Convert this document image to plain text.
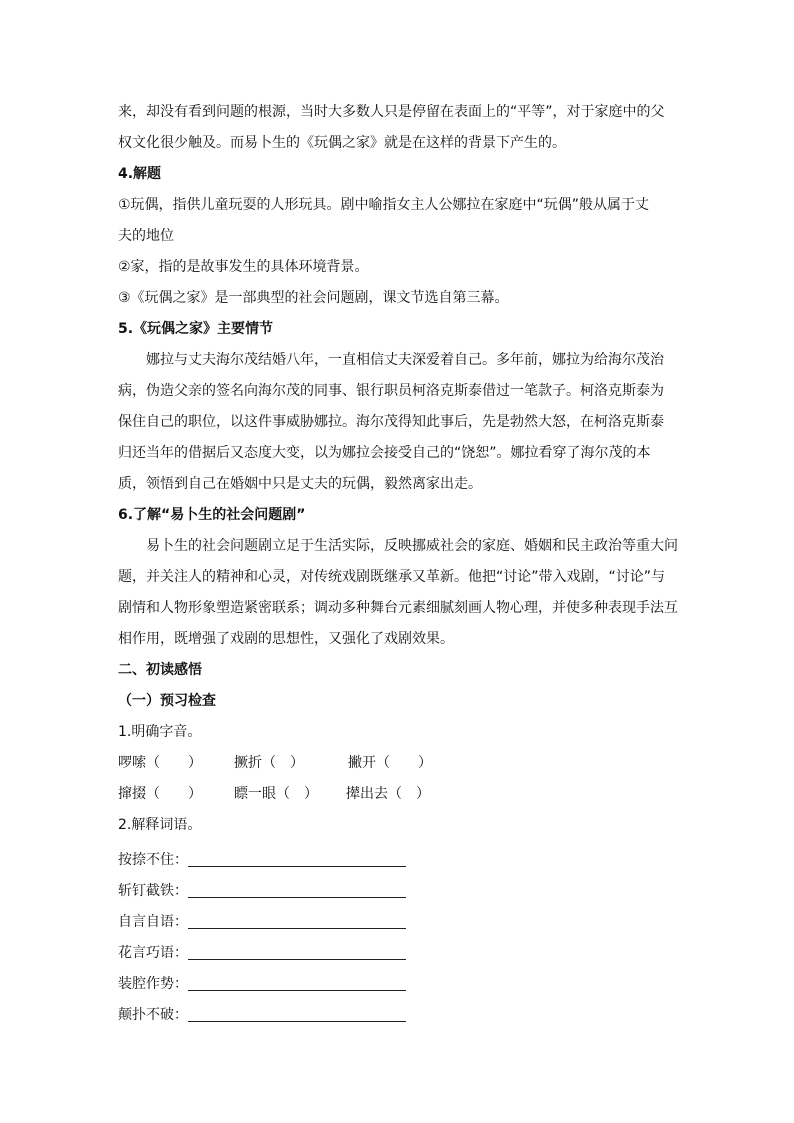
来，却没有看到问题的根源，当时大多数人只是停留在表面上的“平等”，对于家庭中的父
权文化很少触及。而易卜生的《玩偶之家》就是在这样的背景下产生的。
4.解题
①玩偶，指供儿童玩耍的人形玩具。剧中喻指女主人公娜拉在家庭中“玩偶”般从属于丈
夫的地位
②家，指的是故事发生的具体环境背景。
③《玩偶之家》是一部典型的社会问题剧，课文节选自第三幕。
5.《玩偶之家》主要情节
娜拉与丈夫海尔茂结婚八年，一直相信丈夫深爱着自己。多年前，娜拉为给海尔茂治
病，伪造父亲的签名向海尔茂的同事、银行职员柯洛克斯泰借过一笔款子。柯洛克斯泰为
保住自己的职位，以这件事威胁娜拉。海尔茂得知此事后，先是勃然大怒，在柯洛克斯泰
归还当年的借据后又态度大变，以为娜拉会接受自己的“饶恕”。娜拉看穿了海尔茂的本
质，领悟到自己在婚姻中只是丈夫的玩偶，毅然离家出走。
6.了解“易卜生的社会问题剧”
易卜生的社会问题剧立足于生活实际，反映挪威社会的家庭、婚姻和民主政治等重大问
题，并关注人的精神和心灵，对传统戏剧既继承又革新。他把“讨论”带入戏剧，“讨论”与
剧情和人物形象塑造紧密联系；调动多种舞台元素细腻刻画人物心理，并使多种表现手法互
相作用，既增强了戏剧的思想性，又强化了戏剧效果。
二、初读感悟
（一）预习检查
1.明确字音。
啰嗦（　　）	撅折（　）	撇开（　　）
撺掇（　　）	瞟一眼（　）	撵出去（　）
2.解释词语。
按捺不住：
斩钉截铁：
自言自语：
花言巧语：
装腔作势：
颠扑不破：
